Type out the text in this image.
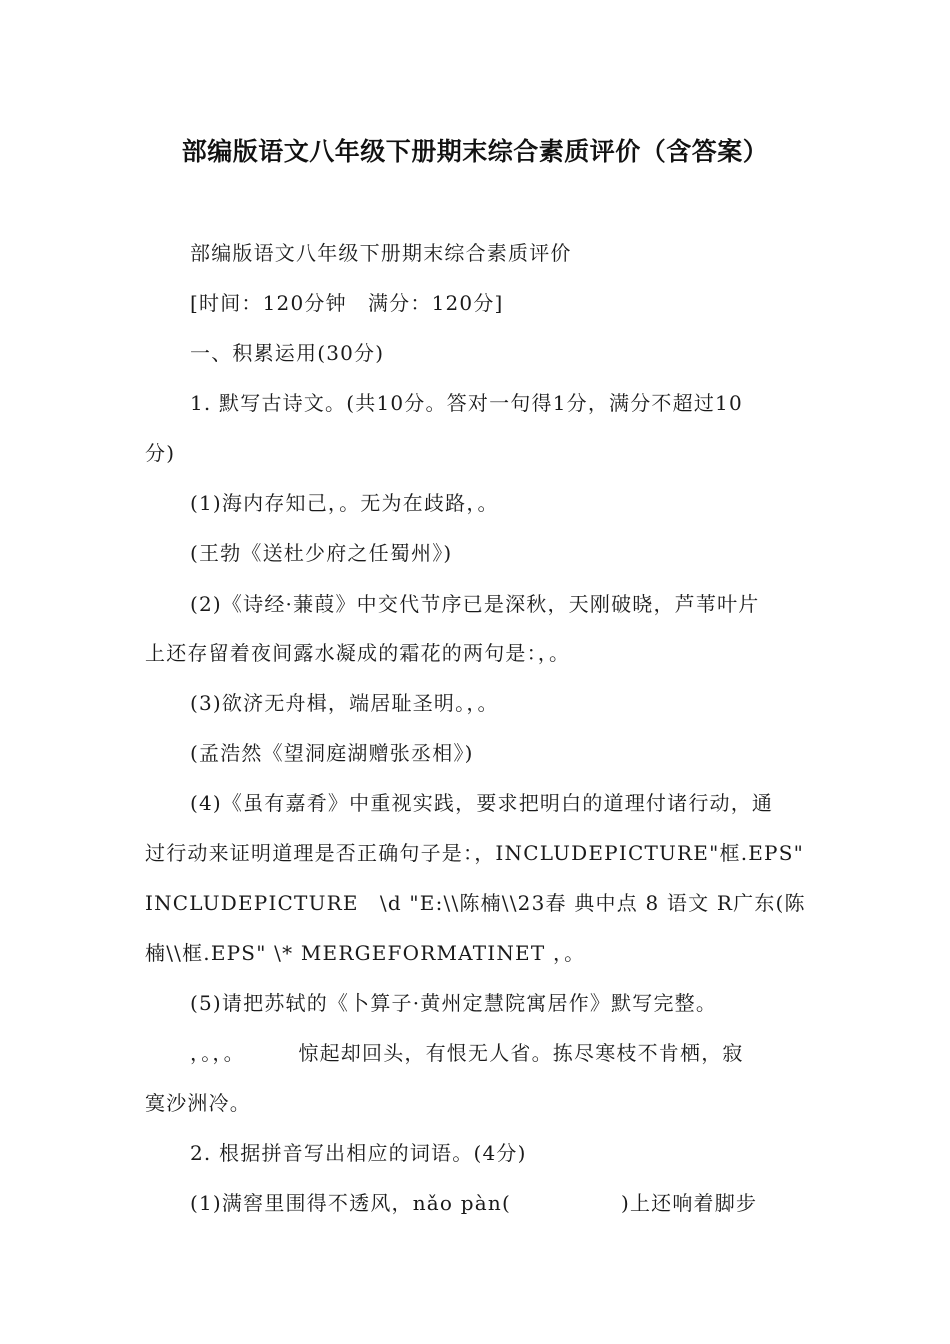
部编版语文八年级下册期末综合素质评价（含答案）

部编版语文八年级下册期末综合素质评价

[时间：120分钟　满分：120分]

一、积累运用(30分)

1. 默写古诗文。(共10分。答对一句得1分，满分不超过10

分)

(1)海内存知己，。无为在歧路，。

(王勃《送杜少府之任蜀州》)

(2)《诗经·蒹葭》中交代节序已是深秋，天刚破晓，芦苇叶片

上还存留着夜间露水凝成的霜花的两句是：，。

(3)欲济无舟楫，端居耻圣明。，。

(孟浩然《望洞庭湖赠张丞相》)

(4)《虽有嘉肴》中重视实践，要求把明白的道理付诸行动，通

过行动来证明道理是否正确句子是：，INCLUDEPICTURE"框.EPS"

INCLUDEPICTURE　\d "E:\\陈楠\\23春 典中点 8 语文 R广东(陈

楠\\框.EPS" \* MERGEFORMATINET ，。

(5)请把苏轼的《卜算子·黄州定慧院寓居作》默写完整。

，。，。　　　惊起却回头，有恨无人省。拣尽寒枝不肯栖，寂

寞沙洲冷。

2. 根据拼音写出相应的词语。(4分)

(1)满窖里围得不透风，nǎo pàn(	)上还响着脚步
